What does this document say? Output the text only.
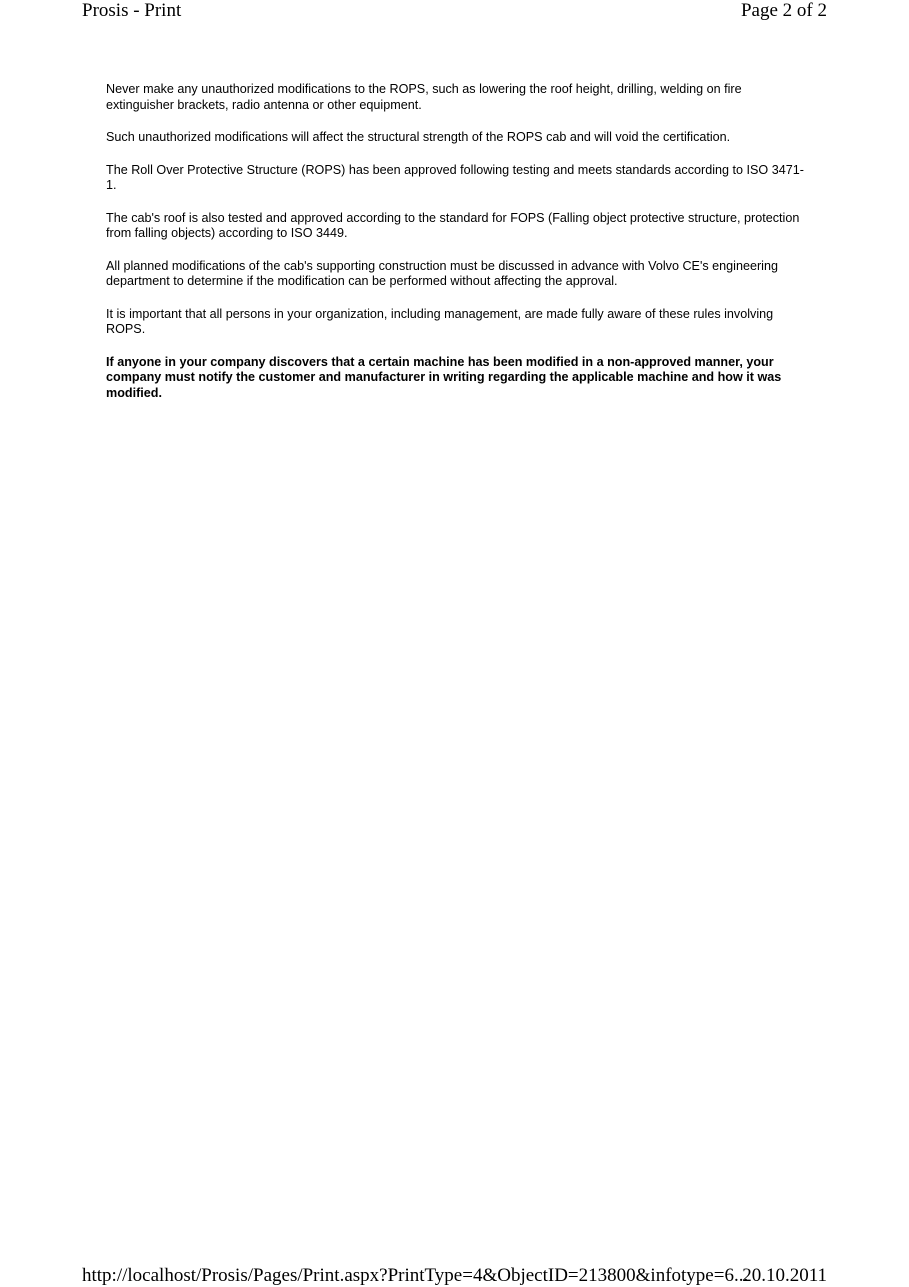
Prosis - Print	Page 2 of 2

Never make any unauthorized modifications to the ROPS, such as lowering the roof height, drilling, welding on fire extinguisher brackets, radio antenna or other equipment.

Such unauthorized modifications will affect the structural strength of the ROPS cab and will void the certification.

The Roll Over Protective Structure (ROPS) has been approved following testing and meets standards according to ISO 3471-1.

The cab's roof is also tested and approved according to the standard for FOPS (Falling object protective structure, protection from falling objects) according to ISO 3449.

All planned modifications of the cab's supporting construction must be discussed in advance with Volvo CE's engineering department to determine if the modification can be performed without affecting the approval.

It is important that all persons in your organization, including management, are made fully aware of these rules involving ROPS.

If anyone in your company discovers that a certain machine has been modified in a non-approved manner, your company must notify the customer and manufacturer in writing regarding the applicable machine and how it was modified.

http://localhost/Prosis/Pages/Print.aspx?PrintType=4&ObjectID=213800&infotype=6...
20.10.2011
